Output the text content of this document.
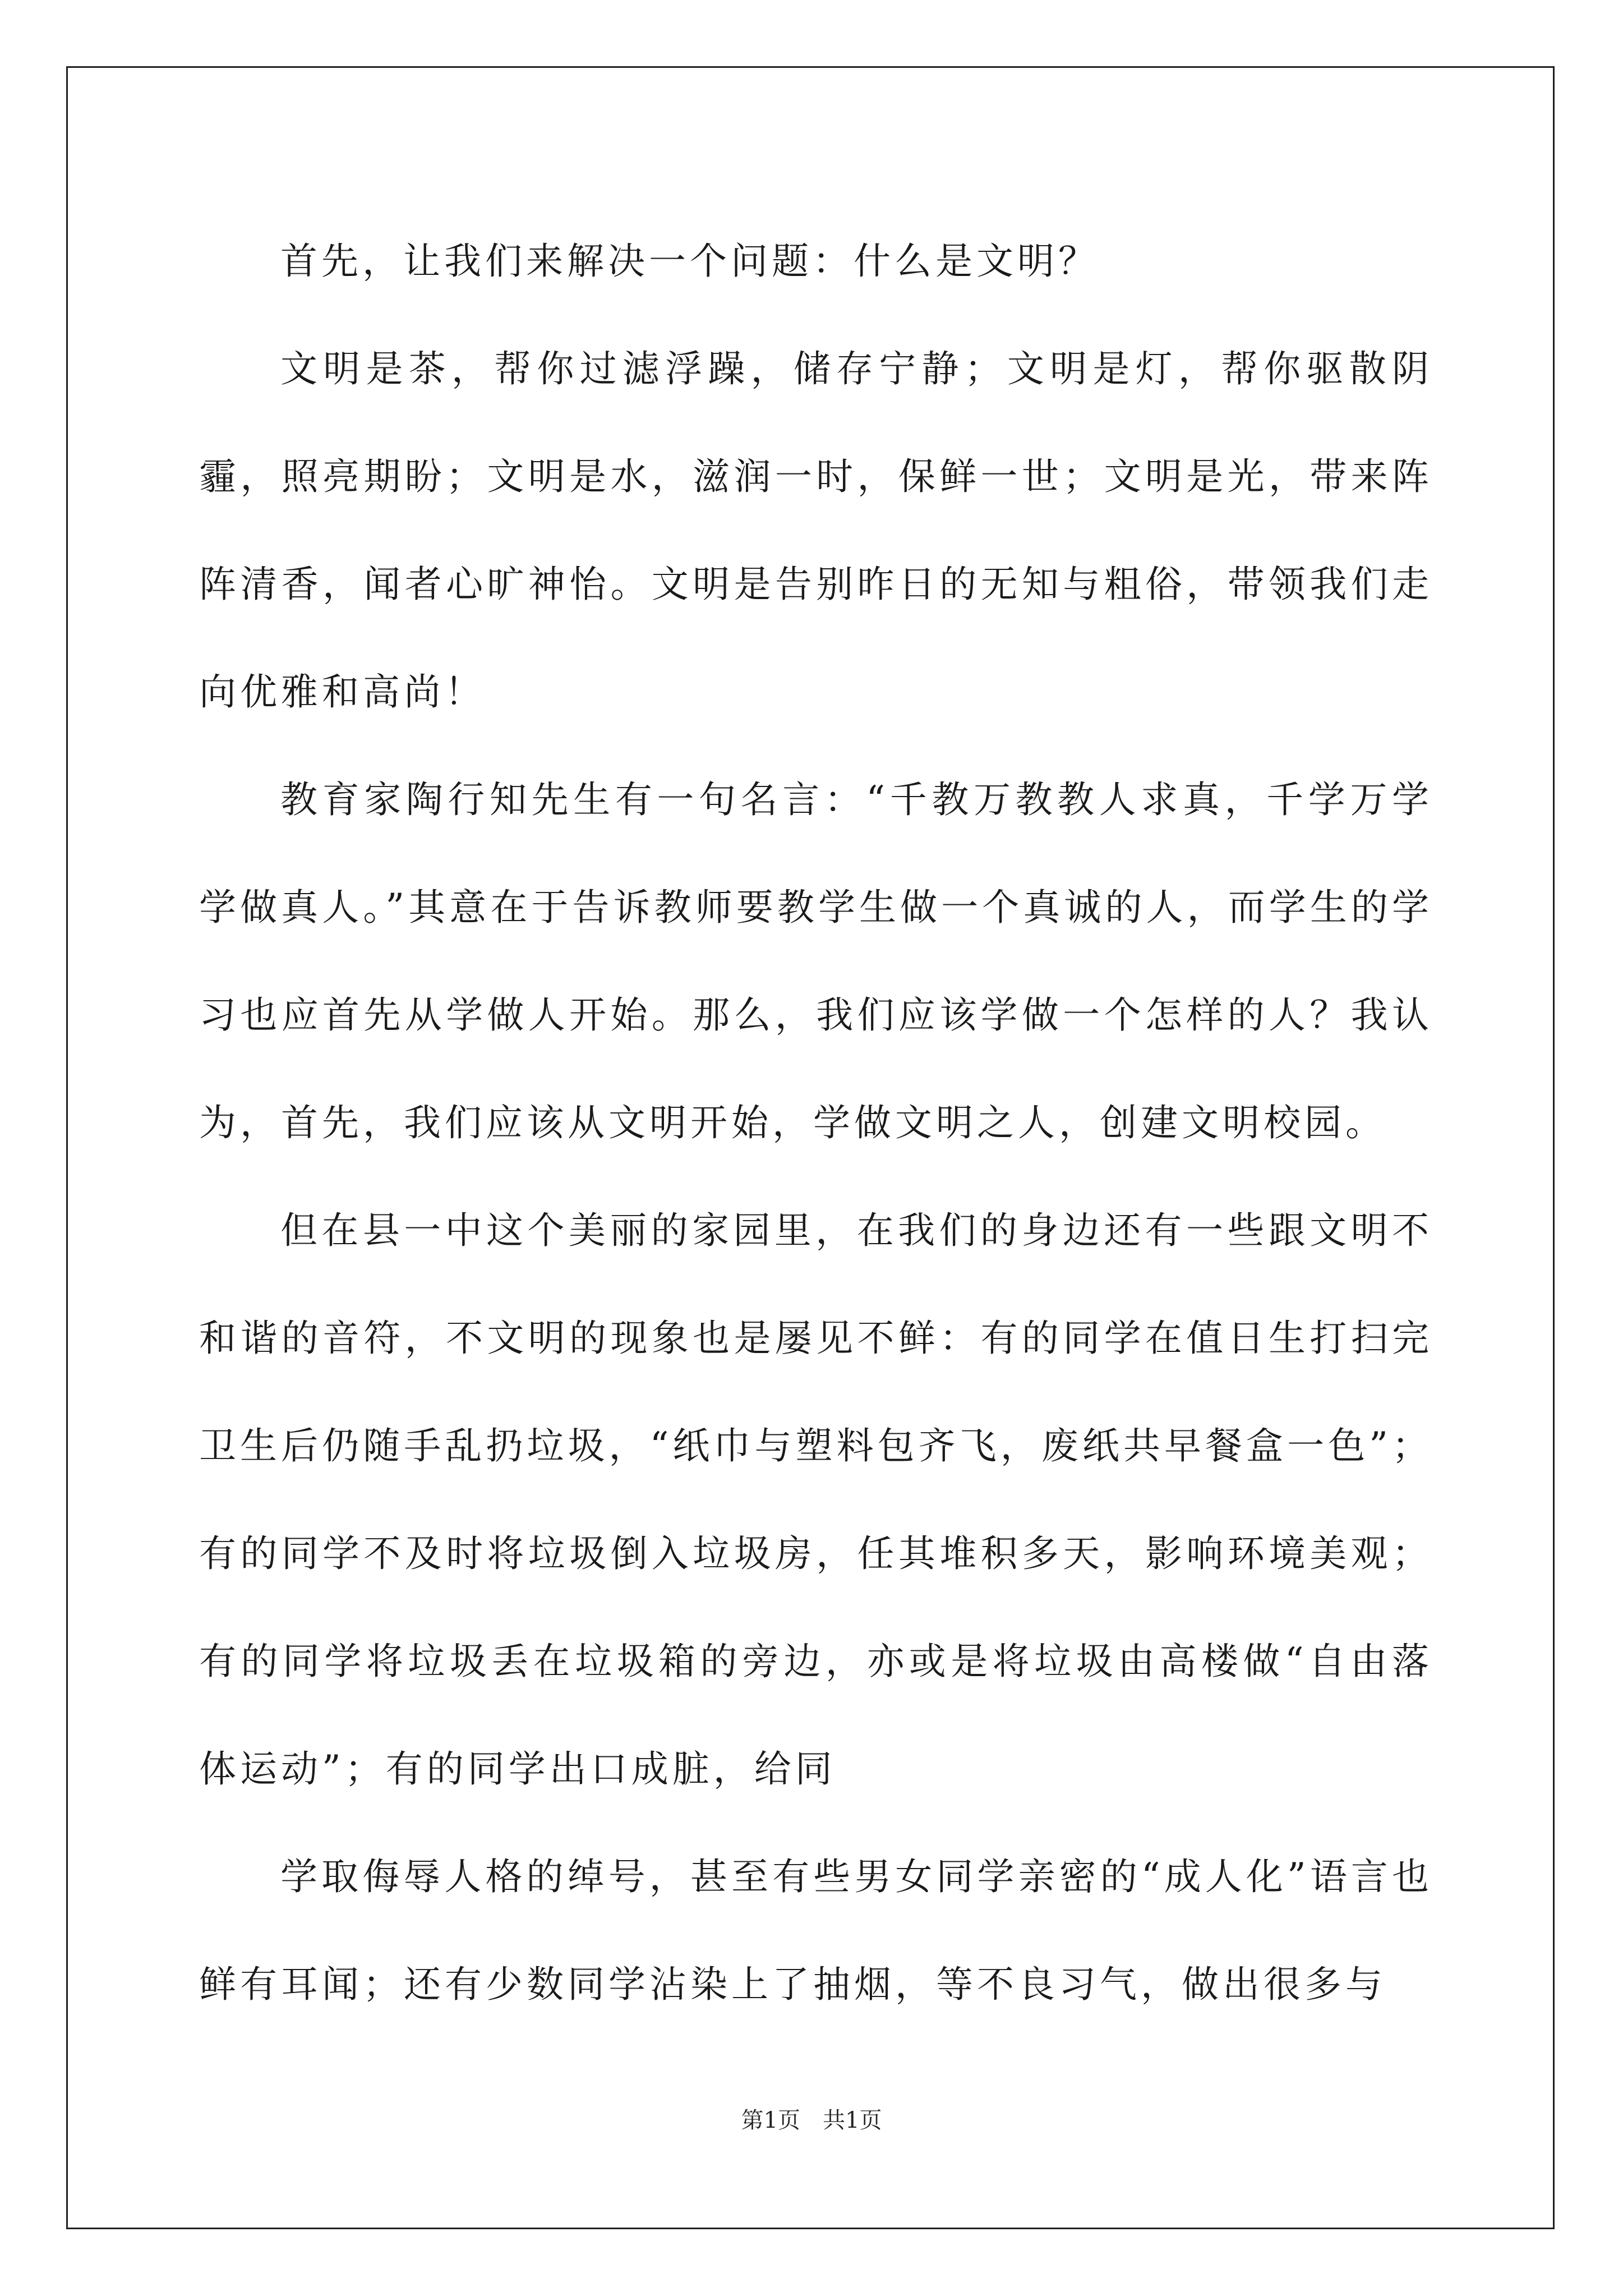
首先，让我们来解决一个问题：什么是文明？

文明是茶，帮你过滤浮躁，储存宁静；文明是灯，帮你驱散阴霾，照亮期盼；文明是水，滋润一时，保鲜一世；文明是光，带来阵阵清香，闻者心旷神怡。文明是告别昨日的无知与粗俗，带领我们走向优雅和高尚！

教育家陶行知先生有一句名言：“千教万教教人求真，千学万学学做真人。”其意在于告诉教师要教学生做一个真诚的人，而学生的学习也应首先从学做人开始。那么，我们应该学做一个怎样的人？我认为，首先，我们应该从文明开始，学做文明之人，创建文明校园。

但在县一中这个美丽的家园里，在我们的身边还有一些跟文明不和谐的音符，不文明的现象也是屡见不鲜：有的同学在值日生打扫完卫生后仍随手乱扔垃圾，“纸巾与塑料包齐飞，废纸共早餐盒一色”；有的同学不及时将垃圾倒入垃圾房，任其堆积多天，影响环境美观；有的同学将垃圾丢在垃圾箱的旁边，亦或是将垃圾由高楼做“自由落体运动”；有的同学出口成脏，给同

学取侮辱人格的绰号，甚至有些男女同学亲密的“成人化”语言也鲜有耳闻；还有少数同学沾染上了抽烟，等不良习气，做出很多与

第1页　共1页
